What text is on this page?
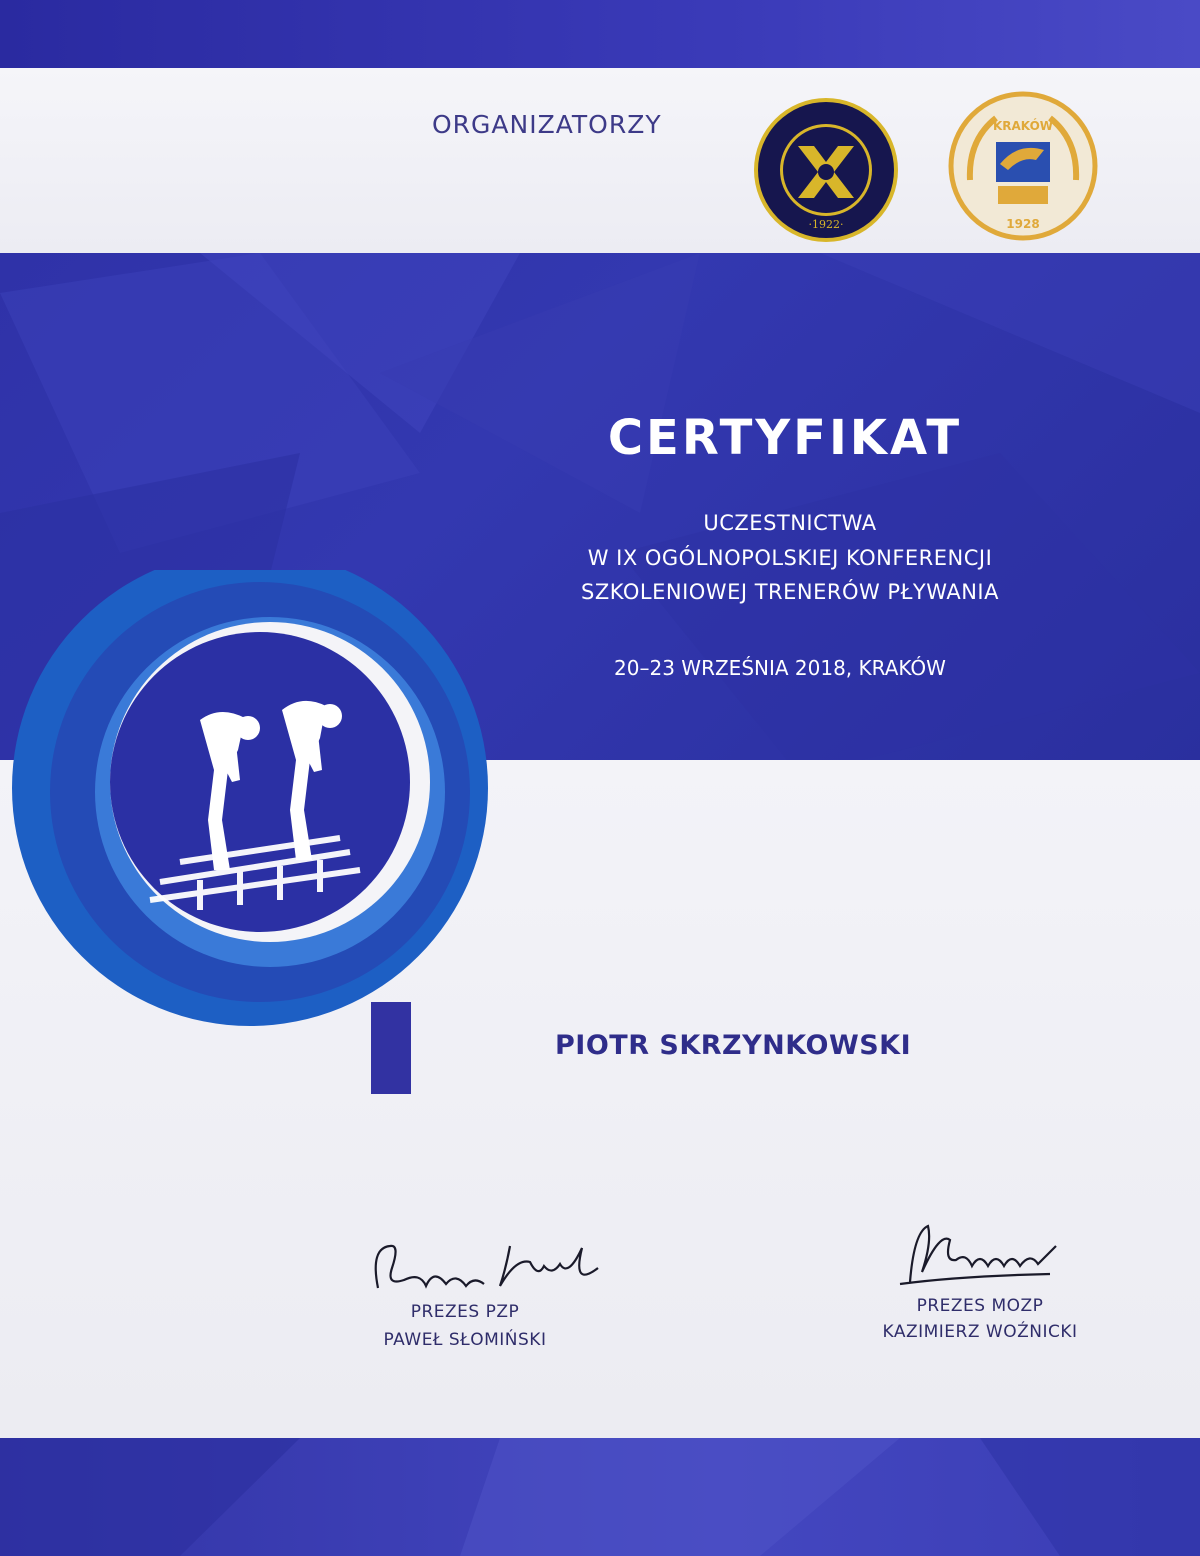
ORGANIZATORZY
·1922·
KRAKÓW
1928
CERTYFIKAT
UCZESTNICTWA
W IX OGÓLNOPOLSKIEJ KONFERENCJI
SZKOLENIOWEJ TRENERÓW PŁYWANIA
20–23 WRZEŚNIA 2018, KRAKÓW
PIOTR SKRZYNKOWSKI
PREZES PZP
PAWEŁ SŁOMIŃSKI
PREZES MOZP
KAZIMIERZ WOŹNICKI
